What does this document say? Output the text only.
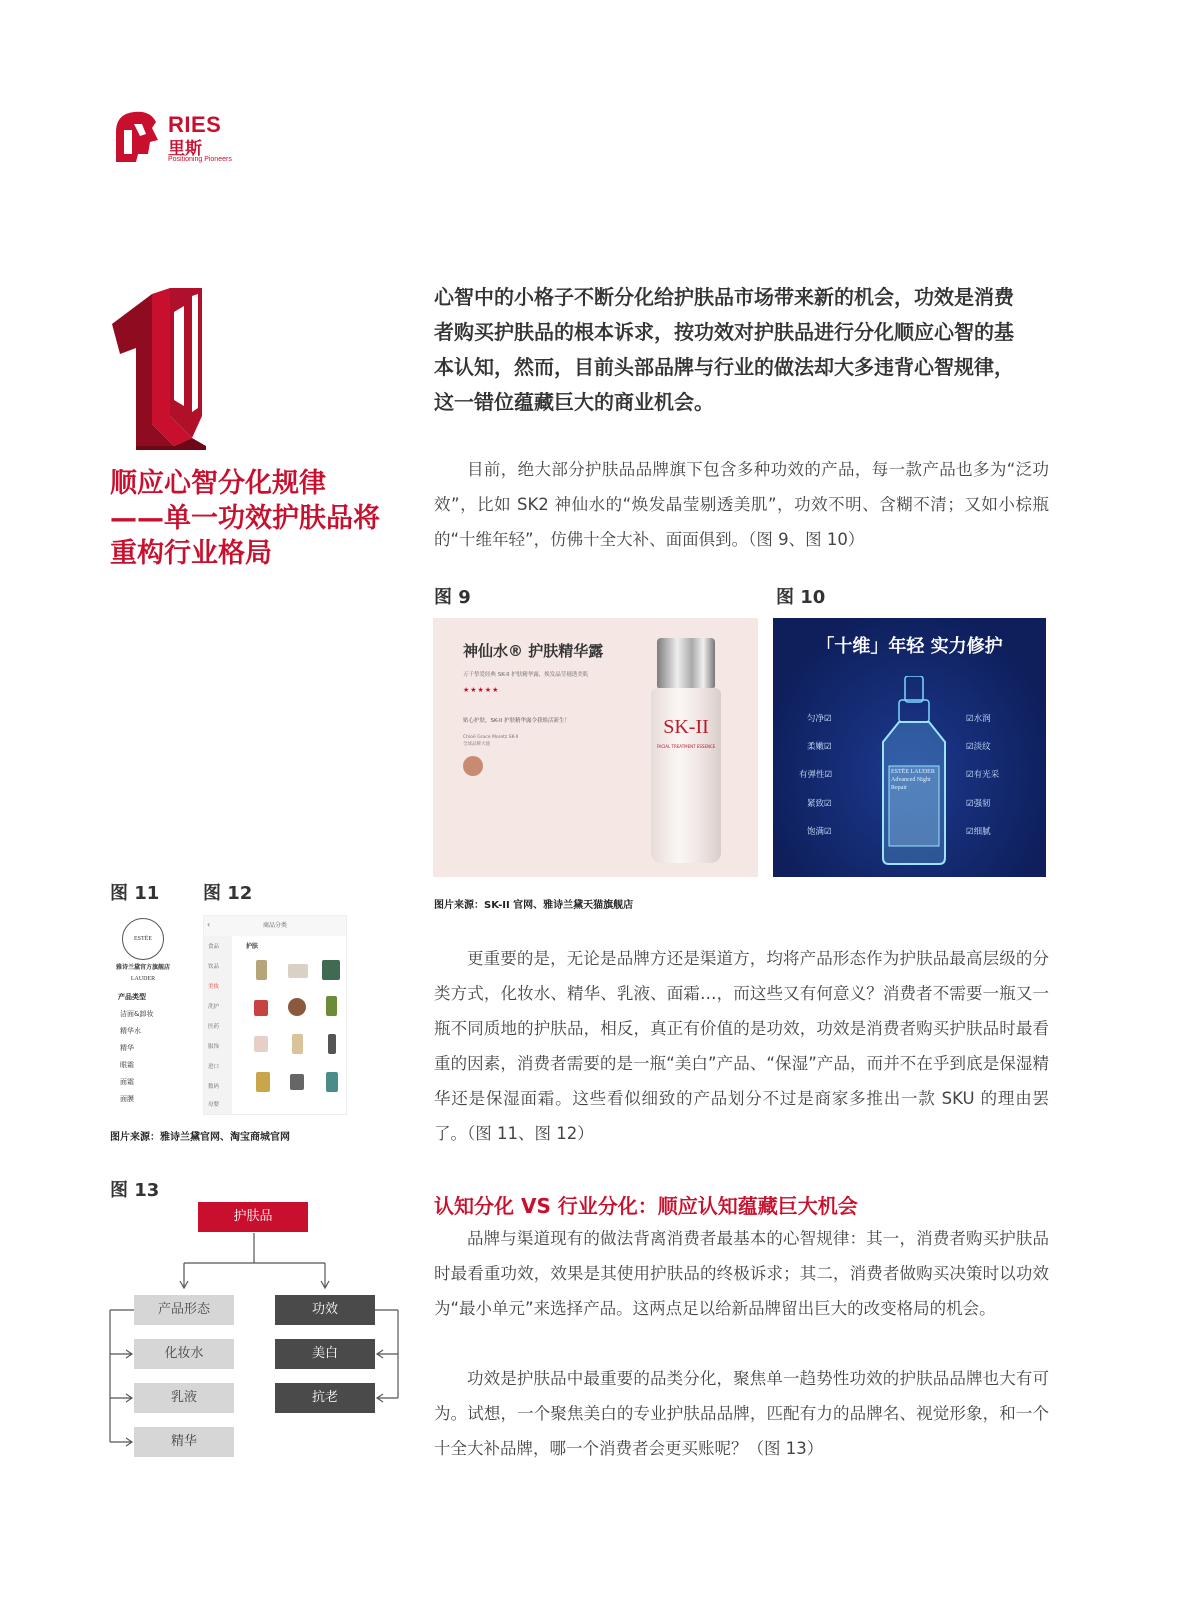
RIES
里斯
Positioning Pioneers
顺应心智分化规律
——单一功效护肤品将
重构行业格局
心智中的小格子不断分化给护肤品市场带来新的机会，功效是消费
者购买护肤品的根本诉求，按功效对护肤品进行分化顺应心智的基
本认知，然而，目前头部品牌与行业的做法却大多违背心智规律，
这一错位蕴藏巨大的商业机会。

目前，绝大部分护肤品品牌旗下包含多种功效的产品，每一款产品也多为“泛功效”，比如 SK2 神仙水的“焕发晶莹剔透美肌”，功效不明、含糊不清；又如小棕瓶的“十维年轻”，仿佛十全大补、面面俱到。（图 9、图 10）

图 9
神仙水® 护肤精华露
万千挚爱经典 SK-II 护肤精华露，焕发晶莹剔透美肌
★★★★★
贴心护肤，SK-II 护肤精华露令我焕活新生！
Chloë Grace Moretz SK-II 全球品牌大使
SK-II
FACIAL TREATMENT ESSENCE
图 10
「十维」年轻 实力修护
匀净☑
柔嫩☑
有弹性☑
紧致☑
饱满☑
☑水润
☑淡纹
☑有光采
☑强韧
☑细腻
ESTĒE LAUDER Advanced Night Repair
图片来源：SK-II 官网、雅诗兰黛天猫旗舰店

更重要的是，无论是品牌方还是渠道方，均将产品形态作为护肤品最高层级的分类方式，化妆水、精华、乳液、面霜…，而这些又有何意义？消费者不需要一瓶又一瓶不同质地的护肤品，相反，真正有价值的是功效，功效是消费者购买护肤品时最看重的因素，消费者需要的是一瓶“美白”产品、“保湿”产品，而并不在乎到底是保湿精华还是保湿面霜。这些看似细致的产品划分不过是商家多推出一款 SKU 的理由罢了。（图 11、图 12）

图 11
ESTĒE LAUDER
雅诗兰黛官方旗舰店
产品类型
洁面&卸妆
精华水
精华
眼霜
面霜
面膜
图 12
商品分类
‹
食品
饮品
美妆
洗护
医药
服饰
进口
数码
母婴
护肤
图片来源：雅诗兰黛官网、淘宝商城官网
认知分化 VS 行业分化：顺应认知蕴藏巨大机会

品牌与渠道现有的做法背离消费者最基本的心智规律：其一，消费者购买护肤品时最看重功效，效果是其使用护肤品的终极诉求；其二，消费者做购买决策时以功效为“最小单元”来选择产品。这两点足以给新品牌留出巨大的改变格局的机会。

功效是护肤品中最重要的品类分化，聚焦单一趋势性功效的护肤品品牌也大有可为。试想，一个聚焦美白的专业护肤品品牌，匹配有力的品牌名、视觉形象，和一个十全大补品牌，哪一个消费者会更买账呢？（图 13）

图 13
护肤品
产品形态
化妆水
乳液
精华
功效
美白
抗老
